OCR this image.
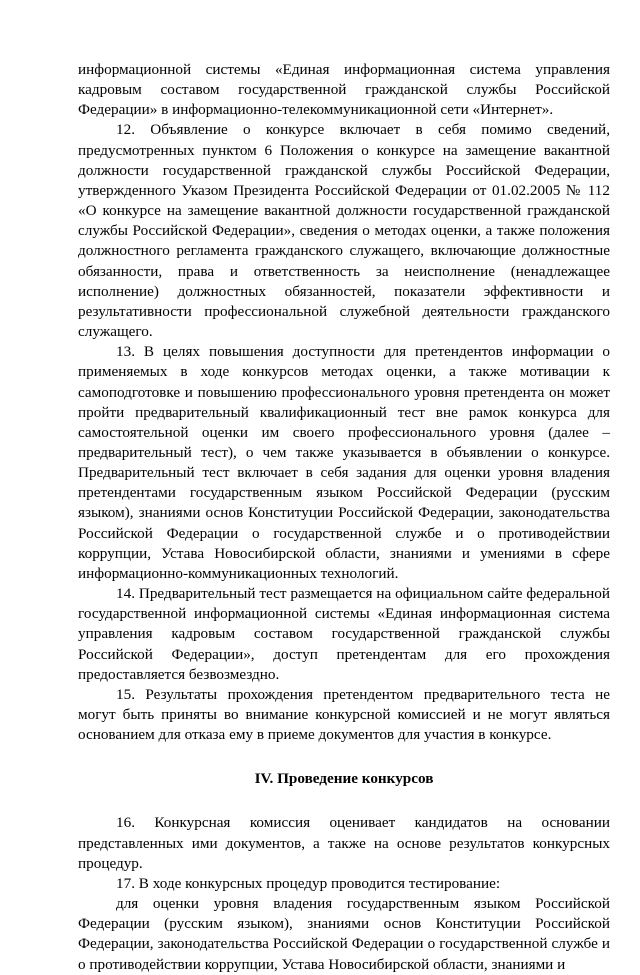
информационной системы «Единая информационная система управления кадровым составом государственной гражданской службы Российской Федерации» в информационно-телекоммуникационной сети «Интернет».

12. Объявление о конкурсе включает в себя помимо сведений, предусмотренных пунктом 6 Положения о конкурсе на замещение вакантной должности государственной гражданской службы Российской Федерации, утвержденного Указом Президента Российской Федерации от 01.02.2005 № 112 «О конкурсе на замещение вакантной должности государственной гражданской службы Российской Федерации», сведения о методах оценки, а также положения должностного регламента гражданского служащего, включающие должностные обязанности, права и ответственность за неисполнение (ненадлежащее исполнение) должностных обязанностей, показатели эффективности и результативности профессиональной служебной деятельности гражданского служащего.

13. В целях повышения доступности для претендентов информации о применяемых в ходе конкурсов методах оценки, а также мотивации к самоподготовке и повышению профессионального уровня претендента он может пройти предварительный квалификационный тест вне рамок конкурса для самостоятельной оценки им своего профессионального уровня (далее – предварительный тест), о чем также указывается в объявлении о конкурсе. Предварительный тест включает в себя задания для оценки уровня владения претендентами государственным языком Российской Федерации (русским языком), знаниями основ Конституции Российской Федерации, законодательства Российской Федерации о государственной службе и о противодействии коррупции, Устава Новосибирской области, знаниями и умениями в сфере информационно-коммуникационных технологий.

14. Предварительный тест размещается на официальном сайте федеральной государственной информационной системы «Единая информационная система управления кадровым составом государственной гражданской службы Российской Федерации», доступ претендентам для его прохождения предоставляется безвозмездно.

15. Результаты прохождения претендентом предварительного теста не могут быть приняты во внимание конкурсной комиссией и не могут являться основанием для отказа ему в приеме документов для участия в конкурсе.

IV. Проведение конкурсов

16. Конкурсная комиссия оценивает кандидатов на основании представленных ими документов, а также на основе результатов конкурсных процедур.

17. В ходе конкурсных процедур проводится тестирование:

для оценки уровня владения государственным языком Российской Федерации (русским языком), знаниями основ Конституции Российской Федерации, законодательства Российской Федерации о государственной службе и о противодействии коррупции, Устава Новосибирской области, знаниями и
